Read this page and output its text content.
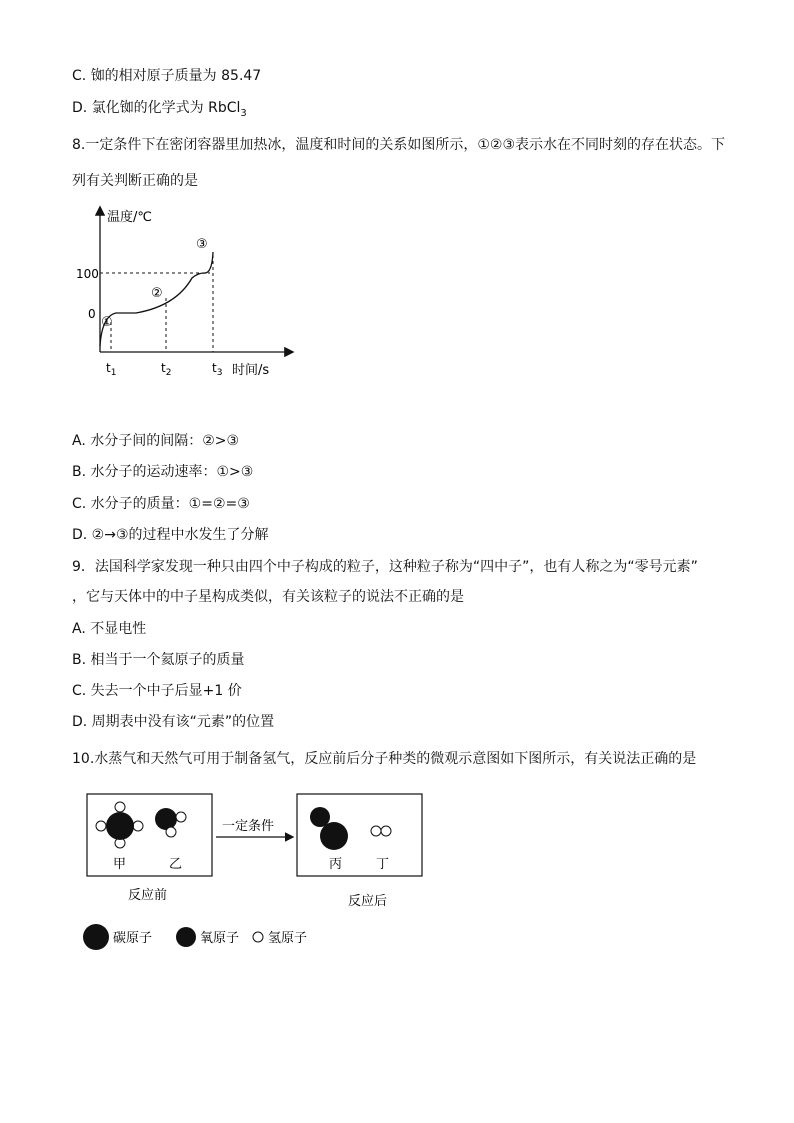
C. 铷的相对原子质量为 85.47
D. 氯化铷的化学式为 RbCl$_3$
8.一定条件下在密闭容器里加热冰，温度和时间的关系如图所示，①②③表示水在不同时刻的存在状态。下
列有关判断正确的是
温度/℃
时间/s
100
0
①
②
③
$t_1$	$t_2$	$t_3$
A. 水分子间的间隔：②>③
B. 水分子的运动速率：①>③
C. 水分子的质量：①=②=③
D. ②→③的过程中水发生了分解
9．法国科学家发现一种只由四个中子构成的粒子，这种粒子称为“四中子”，也有人称之为“零号元素”
，它与天体中的中子星构成类似，有关该粒子的说法不正确的是
A. 不显电性
B. 相当于一个氦原子的质量
C. 失去一个中子后显+1 价
D. 周期表中没有该“元素”的位置
10.水蒸气和天然气可用于制备氢气，反应前后分子种类的微观示意图如下图所示，有关说法正确的是
甲	乙
一定条件
丙	丁
反应前	反应后
碳原子	氧原子 氢原子
